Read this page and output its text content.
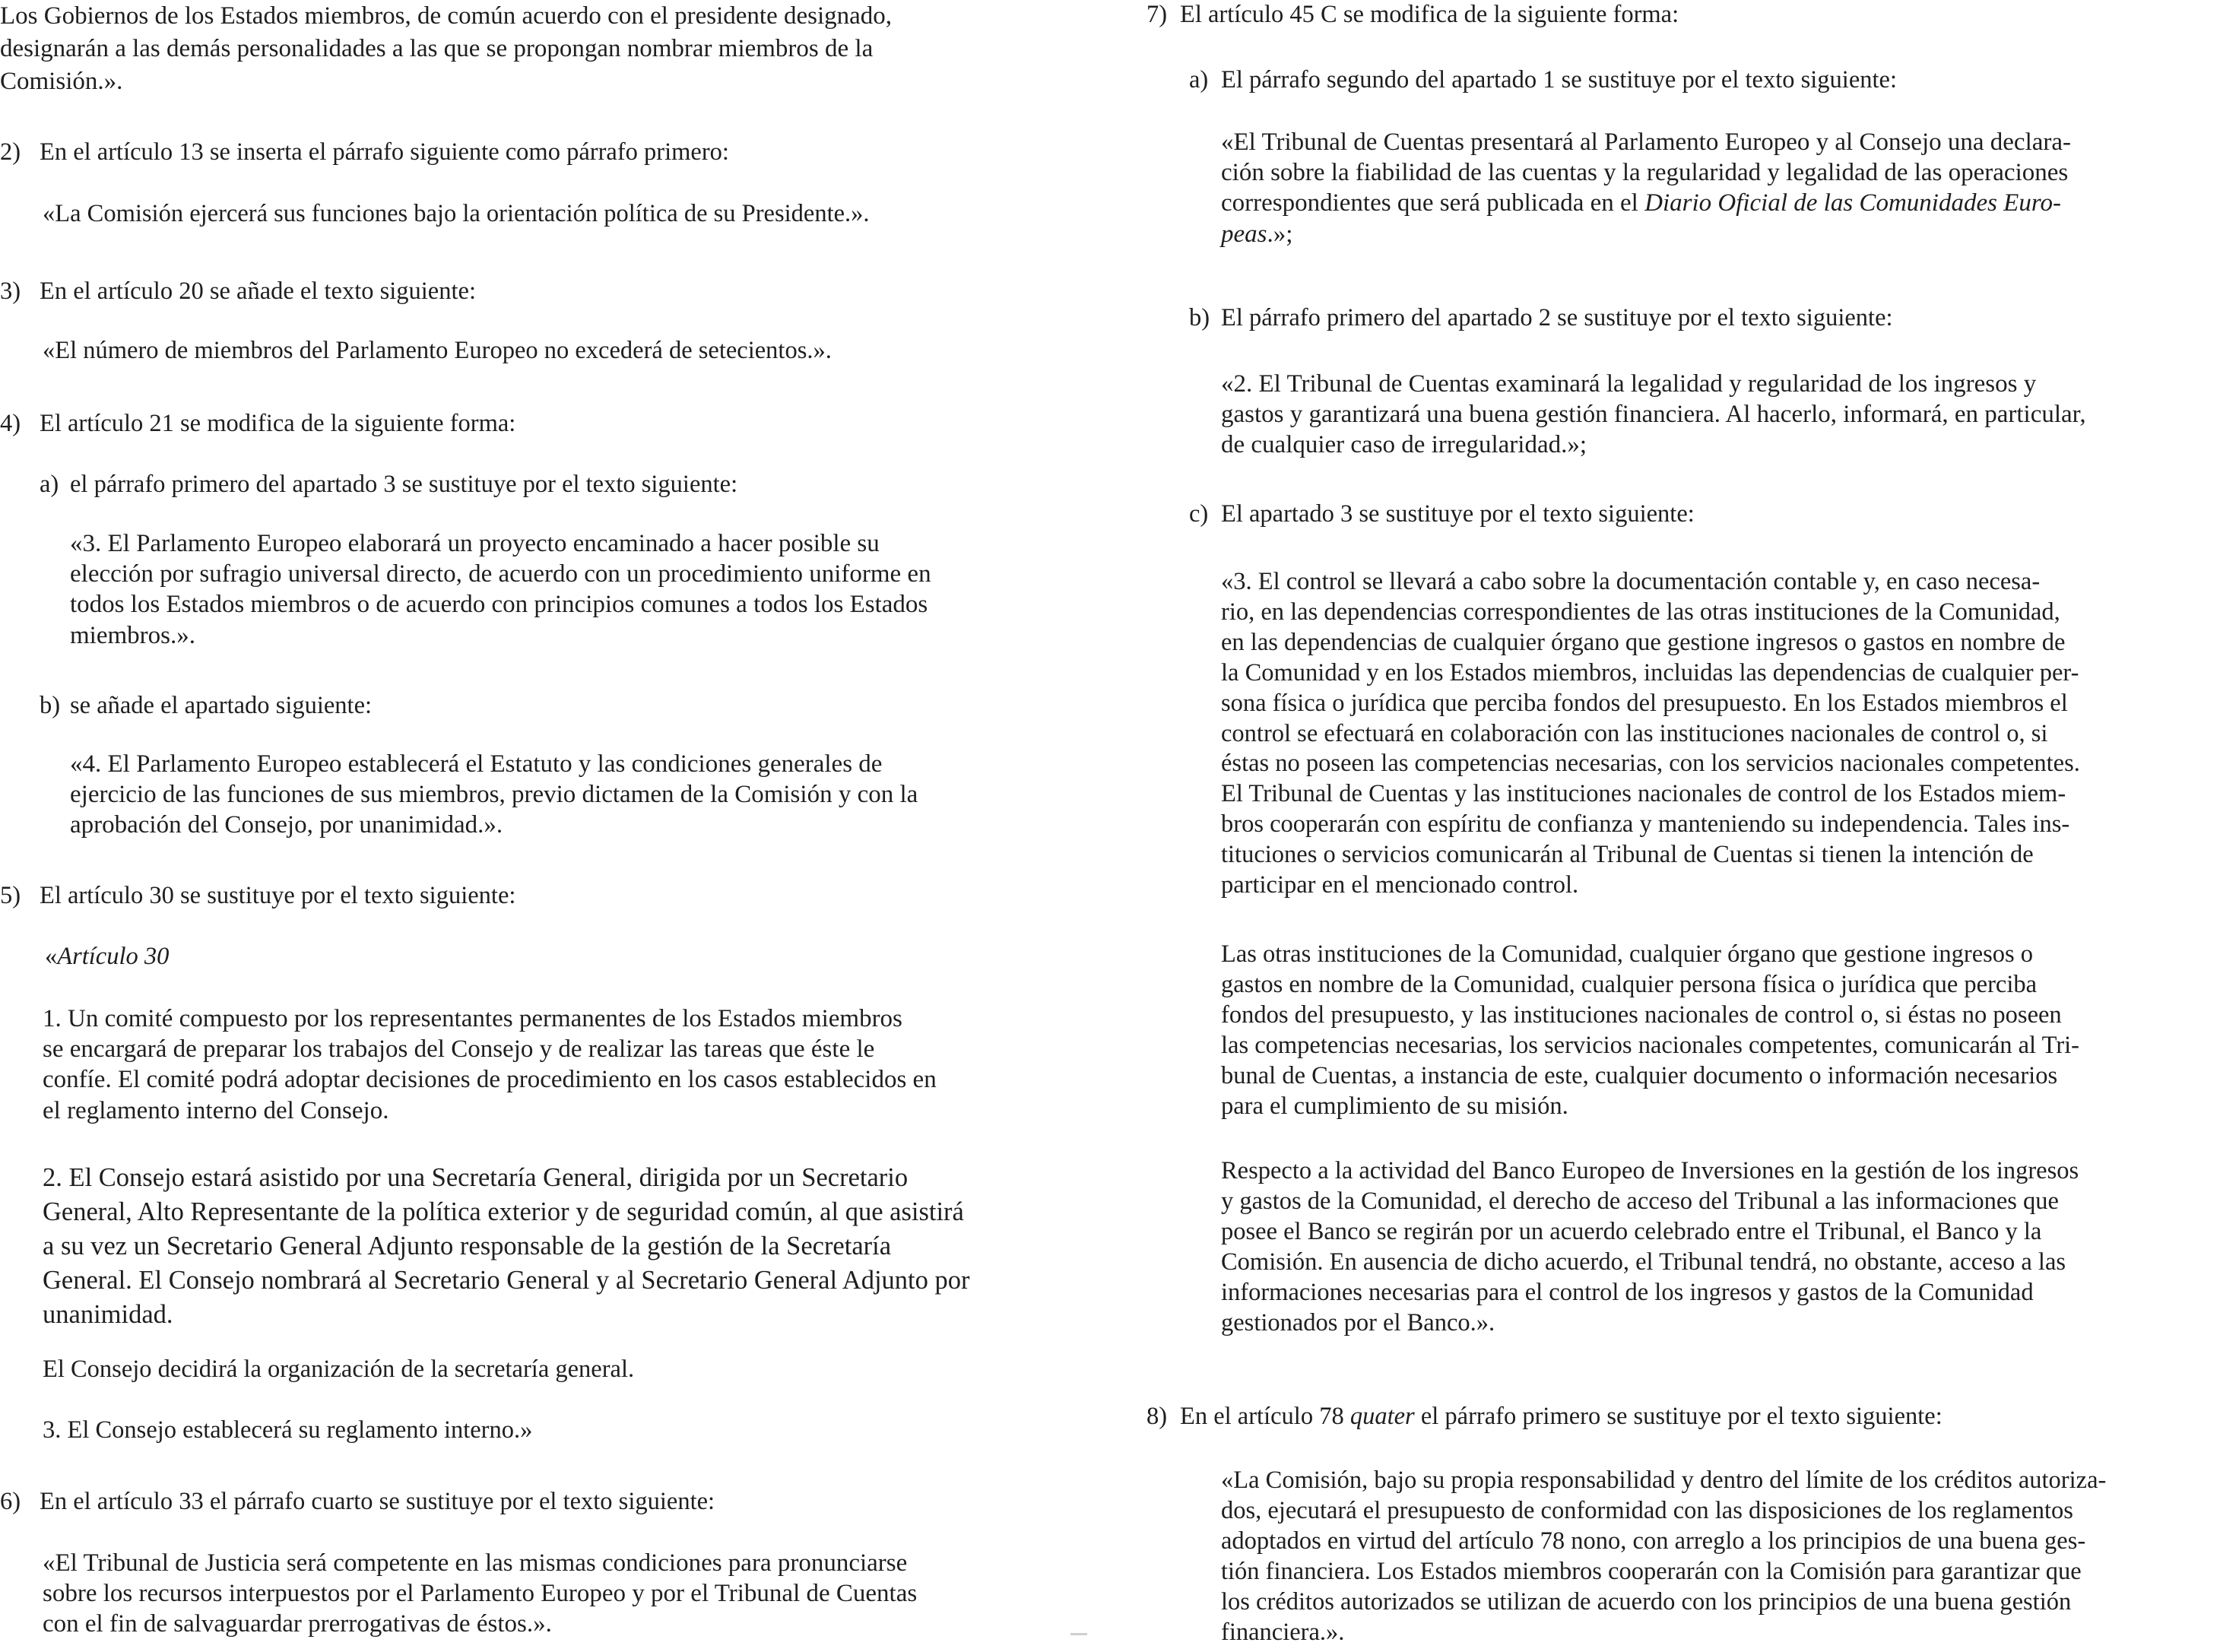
Los Gobiernos de los Estados miembros, de común acuerdo con el presidente designado,
designarán a las demás personalidades a las que se propongan nombrar miembros de la
Comisión.».

2) En el artículo 13 se inserta el párrafo siguiente como párrafo primero:

«La Comisión ejercerá sus funciones bajo la orientación política de su Presidente.».

3) En el artículo 20 se añade el texto siguiente:

«El número de miembros del Parlamento Europeo no excederá de setecientos.».

4) El artículo 21 se modifica de la siguiente forma:

a) el párrafo primero del apartado 3 se sustituye por el texto siguiente:

«3. El Parlamento Europeo elaborará un proyecto encaminado a hacer posible su
elección por sufragio universal directo, de acuerdo con un procedimiento uniforme en
todos los Estados miembros o de acuerdo con principios comunes a todos los Estados
miembros.».

b) se añade el apartado siguiente:

«4. El Parlamento Europeo establecerá el Estatuto y las condiciones generales de
ejercicio de las funciones de sus miembros, previo dictamen de la Comisión y con la
aprobación del Consejo, por unanimidad.».

5) El artículo 30 se sustituye por el texto siguiente:

«Artículo 30

1. Un comité compuesto por los representantes permanentes de los Estados miembros
se encargará de preparar los trabajos del Consejo y de realizar las tareas que éste le
confíe. El comité podrá adoptar decisiones de procedimiento en los casos establecidos en
el reglamento interno del Consejo.

2. El Consejo estará asistido por una Secretaría General, dirigida por un Secretario
General, Alto Representante de la política exterior y de seguridad común, al que asistirá
a su vez un Secretario General Adjunto responsable de la gestión de la Secretaría
General. El Consejo nombrará al Secretario General y al Secretario General Adjunto por
unanimidad.

El Consejo decidirá la organización de la secretaría general.

3. El Consejo establecerá su reglamento interno.»

6) En el artículo 33 el párrafo cuarto se sustituye por el texto siguiente:

«El Tribunal de Justicia será competente en las mismas condiciones para pronunciarse
sobre los recursos interpuestos por el Parlamento Europeo y por el Tribunal de Cuentas
con el fin de salvaguardar prerrogativas de éstos.».

7) El artículo 45 C se modifica de la siguiente forma:

a) El párrafo segundo del apartado 1 se sustituye por el texto siguiente:

«El Tribunal de Cuentas presentará al Parlamento Europeo y al Consejo una declara-
ción sobre la fiabilidad de las cuentas y la regularidad y legalidad de las operaciones
correspondientes que será publicada en el Diario Oficial de las Comunidades Euro-
peas.»;

b) El párrafo primero del apartado 2 se sustituye por el texto siguiente:

«2. El Tribunal de Cuentas examinará la legalidad y regularidad de los ingresos y
gastos y garantizará una buena gestión financiera. Al hacerlo, informará, en particular,
de cualquier caso de irregularidad.»;

c) El apartado 3 se sustituye por el texto siguiente:

«3. El control se llevará a cabo sobre la documentación contable y, en caso necesa-
rio, en las dependencias correspondientes de las otras instituciones de la Comunidad,
en las dependencias de cualquier órgano que gestione ingresos o gastos en nombre de
la Comunidad y en los Estados miembros, incluidas las dependencias de cualquier per-
sona física o jurídica que perciba fondos del presupuesto. En los Estados miembros el
control se efectuará en colaboración con las instituciones nacionales de control o, si
éstas no poseen las competencias necesarias, con los servicios nacionales competentes.
El Tribunal de Cuentas y las instituciones nacionales de control de los Estados miem-
bros cooperarán con espíritu de confianza y manteniendo su independencia. Tales ins-
tituciones o servicios comunicarán al Tribunal de Cuentas si tienen la intención de
participar en el mencionado control.

Las otras instituciones de la Comunidad, cualquier órgano que gestione ingresos o
gastos en nombre de la Comunidad, cualquier persona física o jurídica que perciba
fondos del presupuesto, y las instituciones nacionales de control o, si éstas no poseen
las competencias necesarias, los servicios nacionales competentes, comunicarán al Tri-
bunal de Cuentas, a instancia de este, cualquier documento o información necesarios
para el cumplimiento de su misión.

Respecto a la actividad del Banco Europeo de Inversiones en la gestión de los ingresos
y gastos de la Comunidad, el derecho de acceso del Tribunal a las informaciones que
posee el Banco se regirán por un acuerdo celebrado entre el Tribunal, el Banco y la
Comisión. En ausencia de dicho acuerdo, el Tribunal tendrá, no obstante, acceso a las
informaciones necesarias para el control de los ingresos y gastos de la Comunidad
gestionados por el Banco.».

8) En el artículo 78 quater el párrafo primero se sustituye por el texto siguiente:

«La Comisión, bajo su propia responsabilidad y dentro del límite de los créditos autoriza-
dos, ejecutará el presupuesto de conformidad con las disposiciones de los reglamentos
adoptados en virtud del artículo 78 nono, con arreglo a los principios de una buena ges-
tión financiera. Los Estados miembros cooperarán con la Comisión para garantizar que
los créditos autorizados se utilizan de acuerdo con los principios de una buena gestión
financiera.».
